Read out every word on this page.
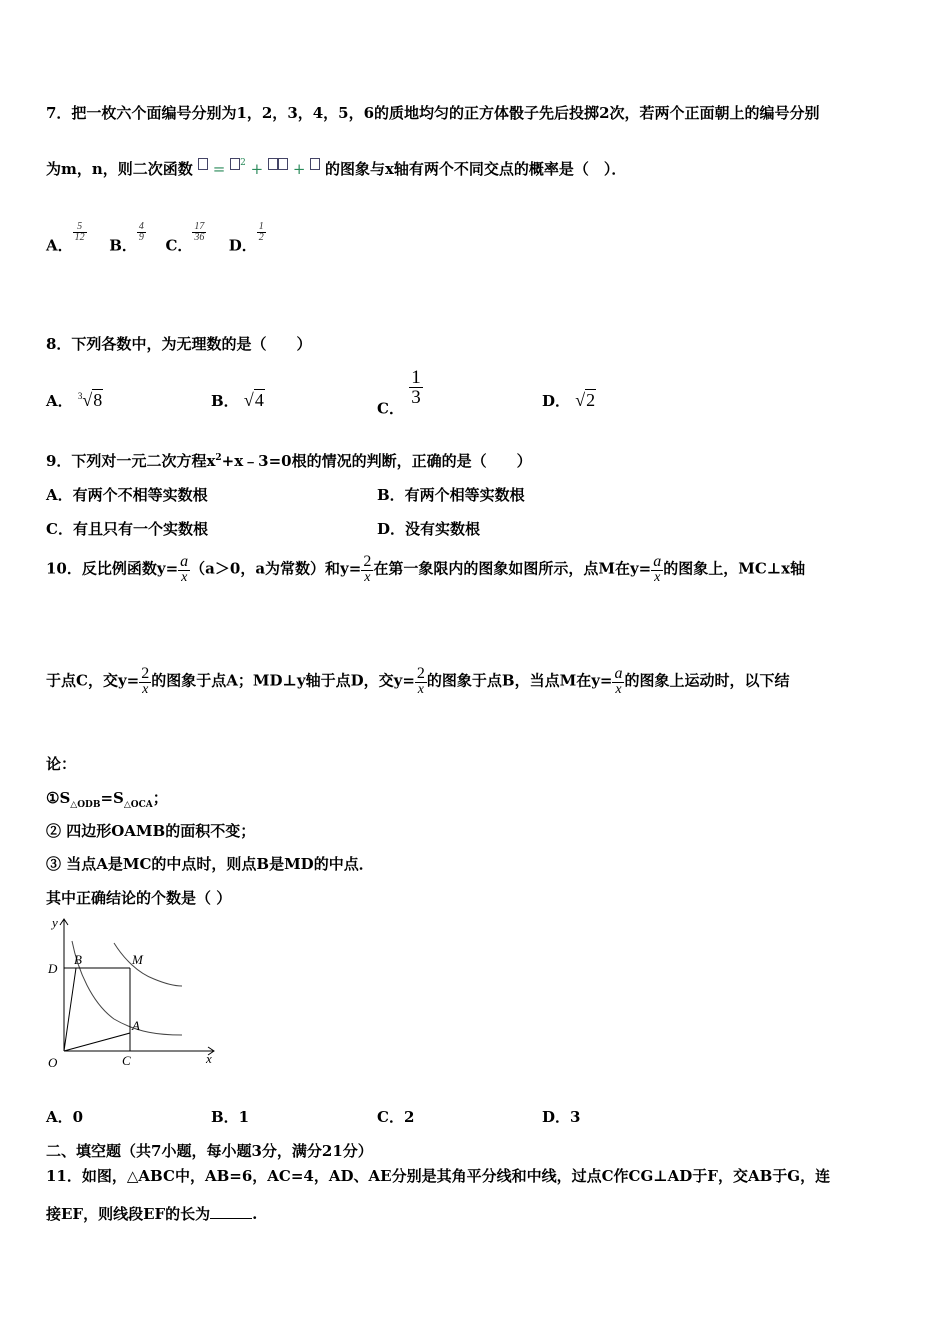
7．把一枚六个面编号分别为1，2，3，4，5，6的质地均匀的正方体骰子先后投掷2次，若两个正面朝上的编号分别
为m，n，则二次函数 = $^2$ + + 的图象与x轴有两个不同交点的概率是（　）．
A．
$\frac{5}{12}$
B．
$\frac{4}{9}$
C．
$\frac{17}{36}$
D．
$\frac{1}{2}$
8．下列各数中，为无理数的是（　　）
A． $^3$√8	B． √4	C．
$\frac{1}{3}$	D． √2
9．下列对一元二次方程$x^2+x﹣3=0$根的情况的判断，正确的是（　　）
A．有两个不相等实数根	B．有两个相等实数根
C．有且只有一个实数根	D．没有实数根
10．反比例函数$y= \frac{a}{x} (a>0$，a为常数）和$y= \frac{2}{x}$ 在第一象限内的图象如图所示，点M在$y= \frac{a}{x}$ 的图象上，MC⊥x轴
于点C，交$y= \frac{2}{x}$ 的图象于点A；MD⊥y轴于点D，交$y= \frac{2}{x}$ 的图象于点B，当点M在$y= \frac{a}{x}$ 的图象上运动时，以下结
论：
$①S_{\triangle ODB}=S_{\triangle OCA}$；
② 四边形OAMB的面积不变；
③ 当点A是MC的中点时，则点B是MD的中点．
其中正确结论的个数是（ ）
y
x
O
D
B	M
A
C
A．0	B．1	C．2	D．3
二、填空题（共7小题，每小题3分，满分21分）
11．如图，△ABC中，AB=6，AC=4，AD、AE分别是其角平分线和中线，过点C作CG⊥AD于F，交AB于G，连
接EF，则线段EF的长为	.
